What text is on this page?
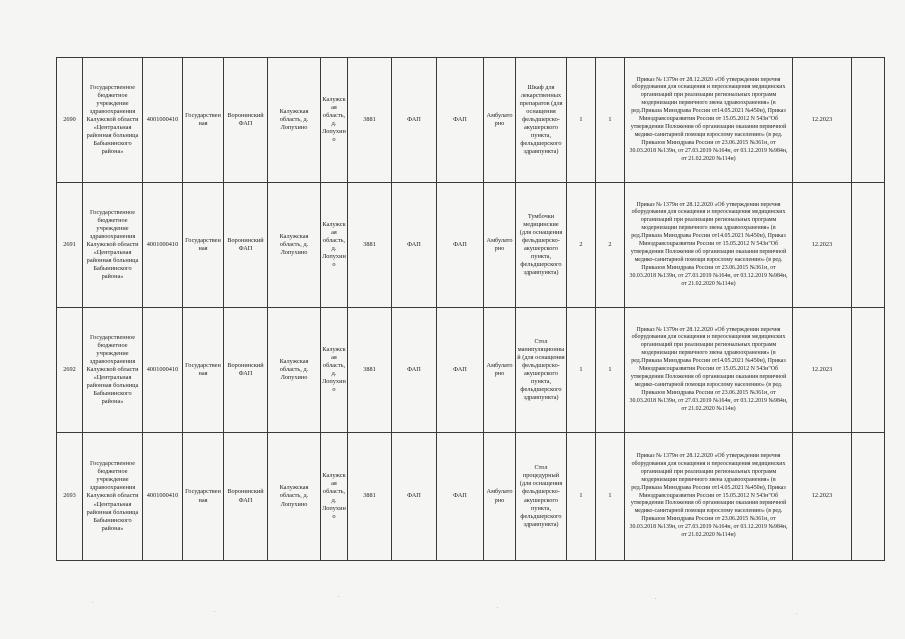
2690	Государственное бюджетное учреждение здравоохранения Калужской области «Центральная районная больница Бабынинского района»	4001000410	Государственная	Воронинский ФАП	Калужская область, д. Лопухино	Калужская область, д. Лопухино	3881	ФАП	ФАП	Амбулаторно	Шкаф для лекарственных препаратов (для оснащения фельдшерско-акушерского пункта, фельдшерского здравпункта)	1	1	Приказ № 1379н от 28.12.2020 «Об утверждении перечня оборудования для оснащения и переоснащения медицинских организаций при реализации региональных программ модернизации первичного звена здравоохранения» (в ред.Приказа Минздрава России от14.05.2021 №450н), Приказ Минздравсоцразвития России от 15.05.2012 N 543н"Об утверждении Положения об организации оказания первичной медико-санитарной помощи взрослому населению» (в ред. Приказов Минздрава России от 23.06.2015 №361н, от 30.03.2018 №139н, от 27.03.2019 №164н, от 03.12.2019 №984н, от 21.02.2020 №114н)	12.2023	
2691	Государственное бюджетное учреждение здравоохранения Калужской области «Центральная районная больница Бабынинского района»	4001000410	Государственная	Воронинский ФАП	Калужская область, д. Лопухино	Калужская область, д. Лопухино	3881	ФАП	ФАП	Амбулаторно	Тумбочки медицинские (для оснащения фельдшерско-акушерского пункта, фельдшерского здравпункта)	2	2	Приказ № 1379н от 28.12.2020 «Об утверждении перечня оборудования для оснащения и переоснащения медицинских организаций при реализации региональных программ модернизации первичного звена здравоохранения» (в ред.Приказа Минздрава России от14.05.2021 №450н), Приказ Минздравсоцразвития России от 15.05.2012 N 543н"Об утверждении Положения об организации оказания первичной медико-санитарной помощи взрослому населению» (в ред. Приказов Минздрава России от 23.06.2015 №361н, от 30.03.2018 №139н, от 27.03.2019 №164н, от 03.12.2019 №984н, от 21.02.2020 №114н)	12.2023	
2692	Государственное бюджетное учреждение здравоохранения Калужской области «Центральная районная больница Бабынинского района»	4001000410	Государственная	Воронинский ФАП	Калужская область, д. Лопухино	Калужская область, д. Лопухино	3881	ФАП	ФАП	Амбулаторно	Стол манипуляционный (для оснащения фельдшерско-акушерского пункта, фельдшерского здравпункта)	1	1	Приказ № 1379н от 28.12.2020 «Об утверждении перечня оборудования для оснащения и переоснащения медицинских организаций при реализации региональных программ модернизации первичного звена здравоохранения» (в ред.Приказа Минздрава России от14.05.2021 №450н), Приказ Минздравсоцразвития России от 15.05.2012 N 543н"Об утверждении Положения об организации оказания первичной медико-санитарной помощи взрослому населению» (в ред. Приказов Минздрава России от 23.06.2015 №361н, от 30.03.2018 №139н, от 27.03.2019 №164н, от 03.12.2019 №984н, от 21.02.2020 №114н)	12.2023	
2693	Государственное бюджетное учреждение здравоохранения Калужской области «Центральная районная больница Бабынинского района»	4001000410	Государственная	Воронинский ФАП	Калужская область, д. Лопухино	Калужская область, д. Лопухино	3881	ФАП	ФАП	Амбулаторно	Стол процедурный (для оснащения фельдшерско-акушерского пункта, фельдшерского здравпункта)	1	1	Приказ № 1379н от 28.12.2020 «Об утверждении перечня оборудования для оснащения и переоснащения медицинских организаций при реализации региональных программ модернизации первичного звена здравоохранения» (в ред.Приказа Минздрава России от14.05.2021 №450н), Приказ Минздравсоцразвития России от 15.05.2012 N 543н"Об утверждении Положения об организации оказания первичной медико-санитарной помощи взрослому населению» (в ред. Приказов Минздрава России от 23.06.2015 №361н, от 30.03.2018 №139н, от 27.03.2019 №164н, от 03.12.2019 №984н, от 21.02.2020 №114н)	12.2023	
